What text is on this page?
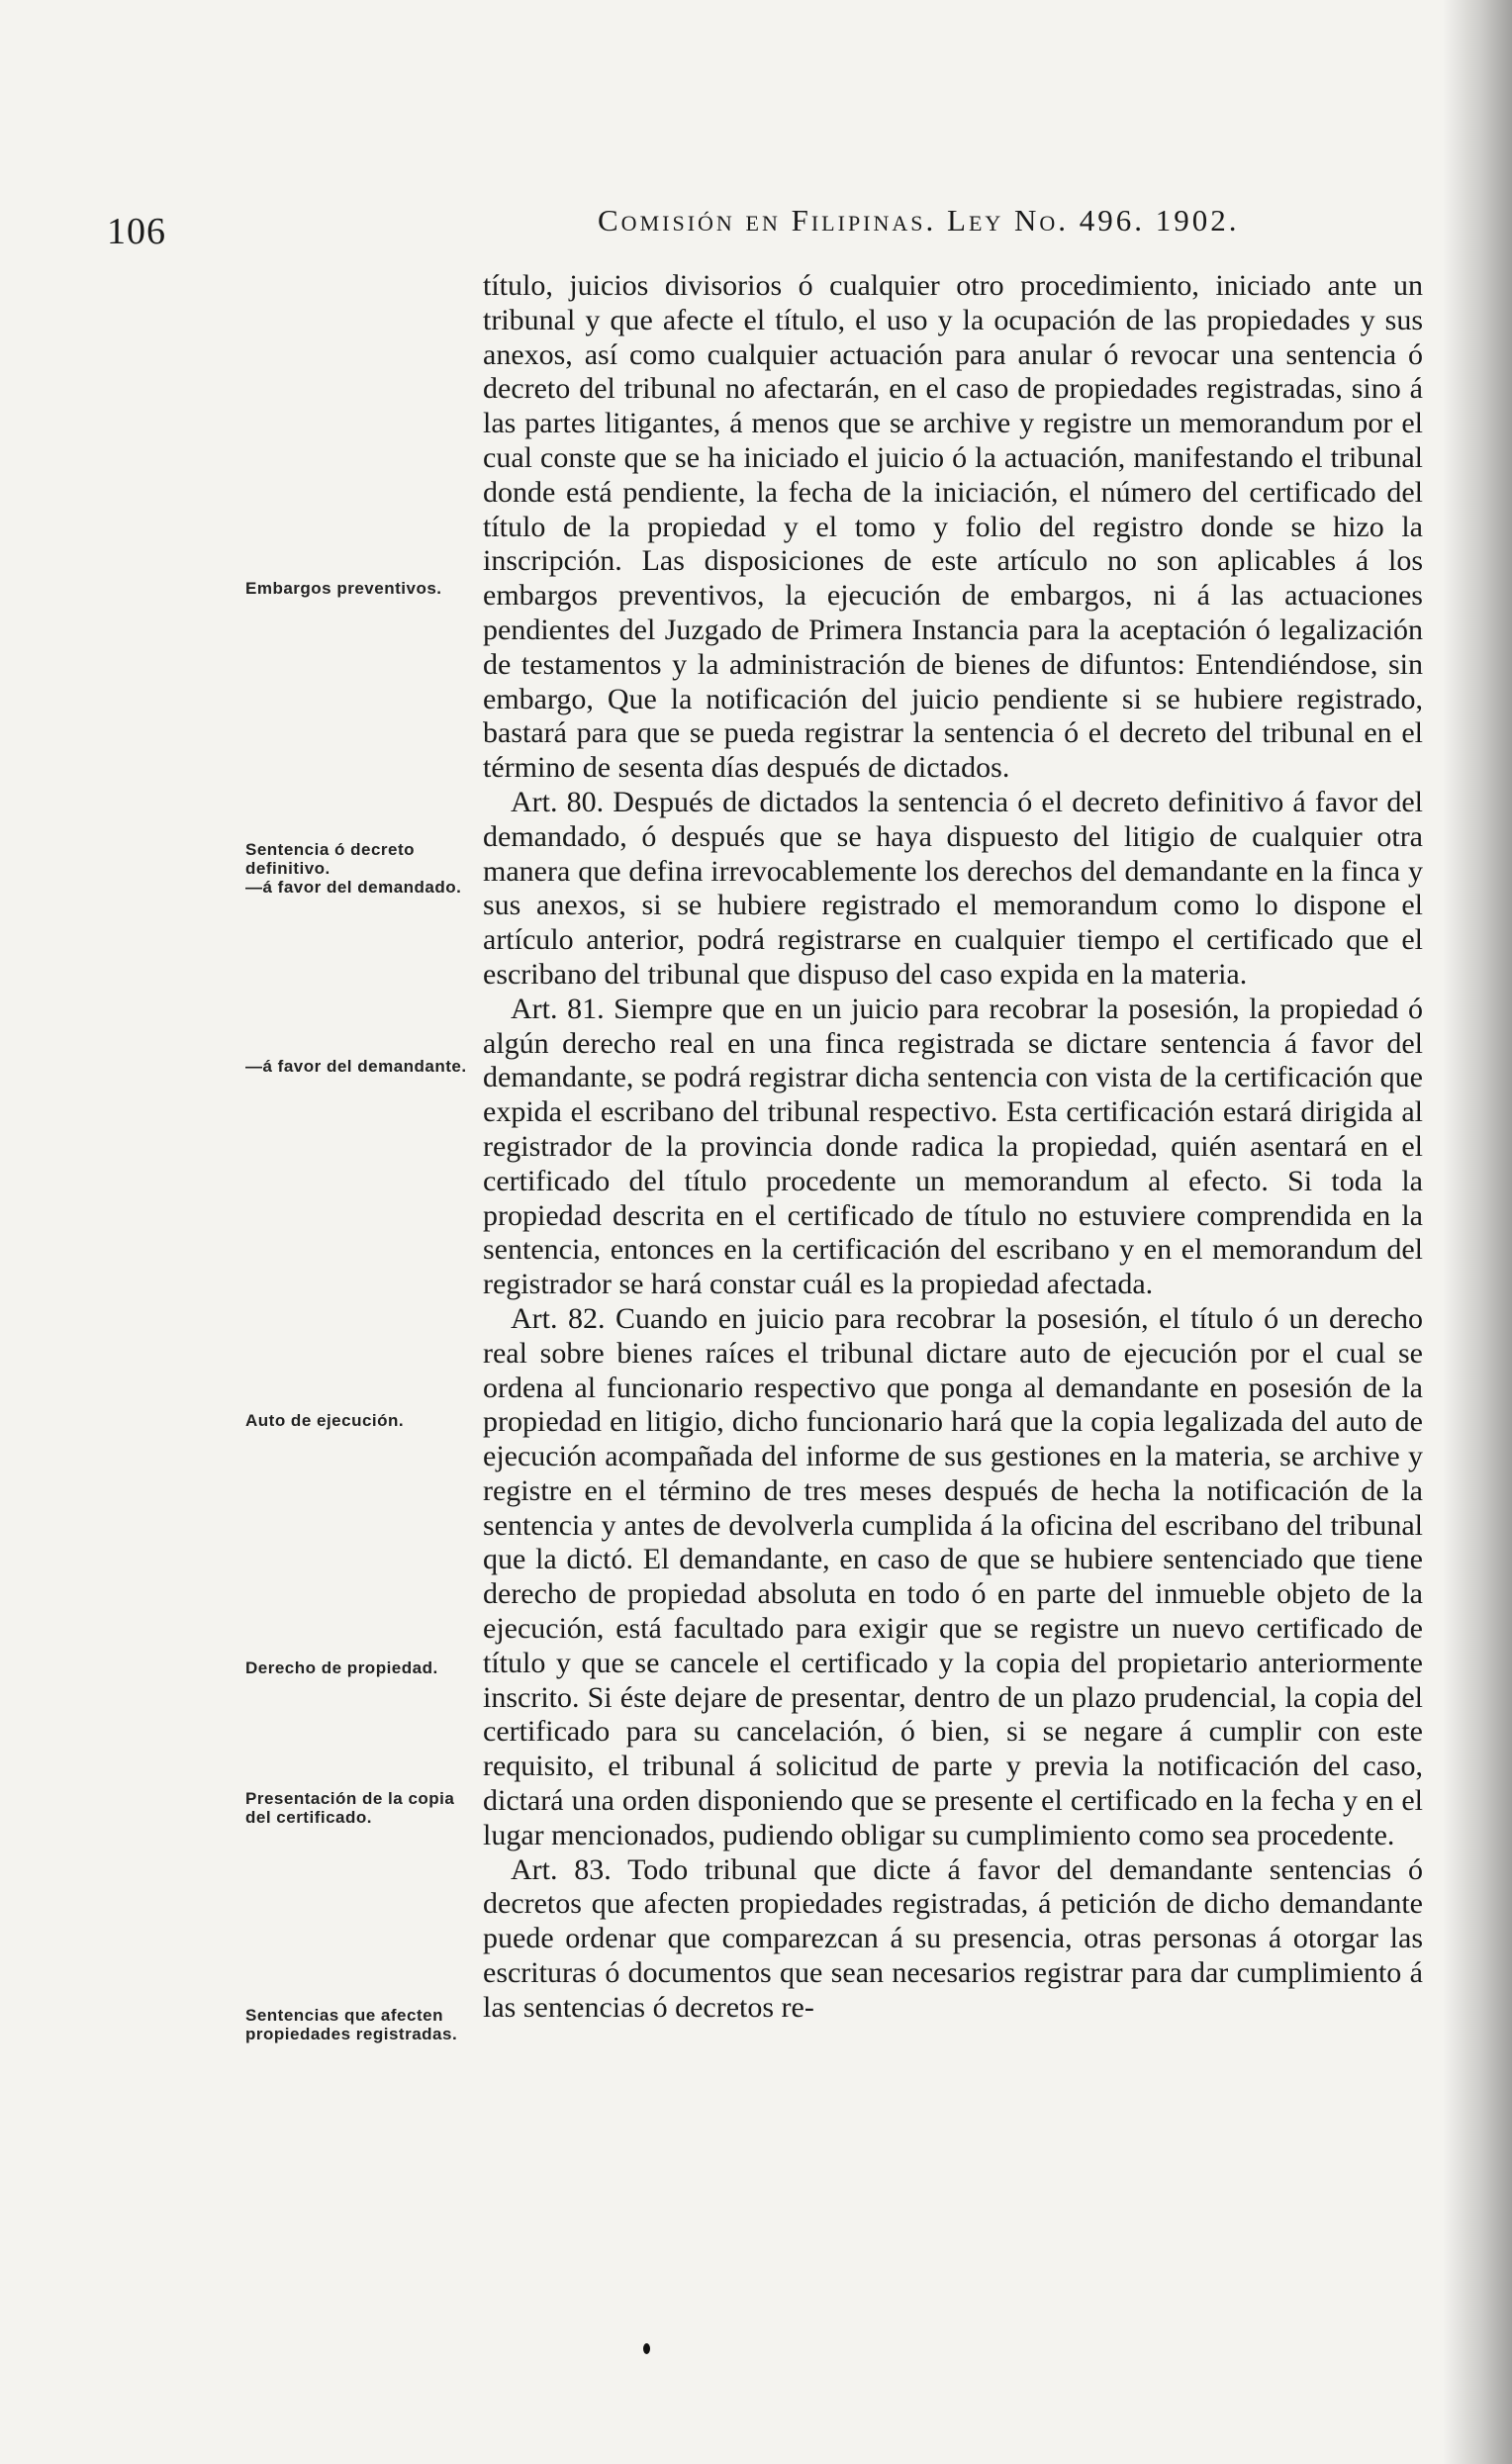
106	Comisión en Filipinas. Ley No. 496. 1902.
Embargos preventivos.
Sentencia ó decreto definitivo.
—á favor del demandado.
—á favor del demandante.
Auto de ejecución.
Derecho de propiedad.
Presentación de la copia del certificado.
Sentencias que afecten propiedades registradas.

título, juicios divisorios ó cualquier otro procedimiento, iniciado ante un tribunal y que afecte el título, el uso y la ocupación de las propiedades y sus anexos, así como cualquier actuación para anular ó revocar una sentencia ó decreto del tribunal no afectarán, en el caso de propiedades registradas, sino á las partes litigantes, á menos que se archive y registre un memorandum por el cual conste que se ha iniciado el juicio ó la actuación, manifestando el tribunal donde está pendiente, la fecha de la iniciación, el número del certificado del título de la propiedad y el tomo y folio del registro donde se hizo la inscripción. Las disposiciones de este artículo no son aplicables á los embargos preventivos, la ejecución de embargos, ni á las actuaciones pendientes del Juzgado de Primera Instancia para la aceptación ó legalización de testamentos y la administración de bienes de difuntos: Entendiéndose, sin embargo, Que la notificación del juicio pendiente si se hubiere registrado, bastará para que se pueda registrar la sentencia ó el decreto del tribunal en el término de sesenta días después de dictados.

Art. 80. Después de dictados la sentencia ó el decreto definitivo á favor del demandado, ó después que se haya dispuesto del litigio de cualquier otra manera que defina irrevocablemente los derechos del demandante en la finca y sus anexos, si se hubiere registrado el memorandum como lo dispone el artículo anterior, podrá registrarse en cualquier tiempo el certificado que el escribano del tribunal que dispuso del caso expida en la materia.

Art. 81. Siempre que en un juicio para recobrar la posesión, la propiedad ó algún derecho real en una finca registrada se dictare sentencia á favor del demandante, se podrá registrar dicha sentencia con vista de la certificación que expida el escribano del tribunal respectivo. Esta certificación estará dirigida al registrador de la provincia donde radica la propiedad, quién asentará en el certificado del título procedente un memorandum al efecto. Si toda la propiedad descrita en el certificado de título no estuviere comprendida en la sentencia, entonces en la certificación del escribano y en el memorandum del registrador se hará constar cuál es la propiedad afectada.

Art. 82. Cuando en juicio para recobrar la posesión, el título ó un derecho real sobre bienes raíces el tribunal dictare auto de ejecución por el cual se ordena al funcionario respectivo que ponga al demandante en posesión de la propiedad en litigio, dicho funcionario hará que la copia legalizada del auto de ejecución acompañada del informe de sus gestiones en la materia, se archive y registre en el término de tres meses después de hecha la notificación de la sentencia y antes de devolverla cumplida á la oficina del escribano del tribunal que la dictó. El demandante, en caso de que se hubiere sentenciado que tiene derecho de propiedad absoluta en todo ó en parte del inmueble objeto de la ejecución, está facultado para exigir que se registre un nuevo certificado de título y que se cancele el certificado y la copia del propietario anteriormente inscrito. Si éste dejare de presentar, dentro de un plazo prudencial, la copia del certificado para su cancelación, ó bien, si se negare á cumplir con este requisito, el tribunal á solicitud de parte y previa la notificación del caso, dictará una orden disponiendo que se presente el certificado en la fecha y en el lugar mencionados, pudiendo obligar su cumplimiento como sea procedente.

Art. 83. Todo tribunal que dicte á favor del demandante sentencias ó decretos que afecten propiedades registradas, á petición de dicho demandante puede ordenar que comparezcan á su presencia, otras personas á otorgar las escrituras ó documentos que sean necesarios registrar para dar cumplimiento á las sentencias ó decretos re-
